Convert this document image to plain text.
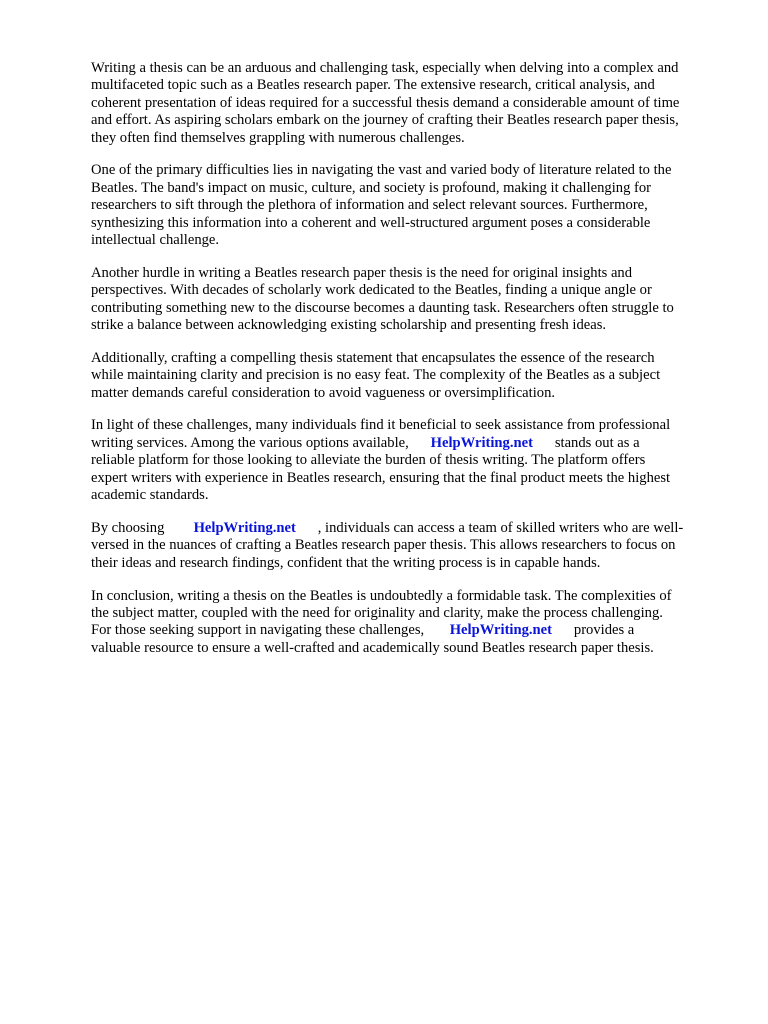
Writing a thesis can be an arduous and challenging task, especially when delving into a complex and
multifaceted topic such as a Beatles research paper. The extensive research, critical analysis, and
coherent presentation of ideas required for a successful thesis demand a considerable amount of time
and effort. As aspiring scholars embark on the journey of crafting their Beatles research paper thesis,
they often find themselves grappling with numerous challenges.

One of the primary difficulties lies in navigating the vast and varied body of literature related to the
Beatles. The band's impact on music, culture, and society is profound, making it challenging for
researchers to sift through the plethora of information and select relevant sources. Furthermore,
synthesizing this information into a coherent and well-structured argument poses a considerable
intellectual challenge.

Another hurdle in writing a Beatles research paper thesis is the need for original insights and
perspectives. With decades of scholarly work dedicated to the Beatles, finding a unique angle or
contributing something new to the discourse becomes a daunting task. Researchers often struggle to
strike a balance between acknowledging existing scholarship and presenting fresh ideas.

Additionally, crafting a compelling thesis statement that encapsulates the essence of the research
while maintaining clarity and precision is no easy feat. The complexity of the Beatles as a subject
matter demands careful consideration to avoid vagueness or oversimplification.

In light of these challenges, many individuals find it beneficial to seek assistance from professional
writing services. Among the various options available,      HelpWriting.net      stands out as a
reliable platform for those looking to alleviate the burden of thesis writing. The platform offers
expert writers with experience in Beatles research, ensuring that the final product meets the highest
academic standards.

By choosing        HelpWriting.net      , individuals can access a team of skilled writers who are well-
versed in the nuances of crafting a Beatles research paper thesis. This allows researchers to focus on
their ideas and research findings, confident that the writing process is in capable hands.

In conclusion, writing a thesis on the Beatles is undoubtedly a formidable task. The complexities of
the subject matter, coupled with the need for originality and clarity, make the process challenging.
For those seeking support in navigating these challenges,       HelpWriting.net      provides a
valuable resource to ensure a well-crafted and academically sound Beatles research paper thesis.
